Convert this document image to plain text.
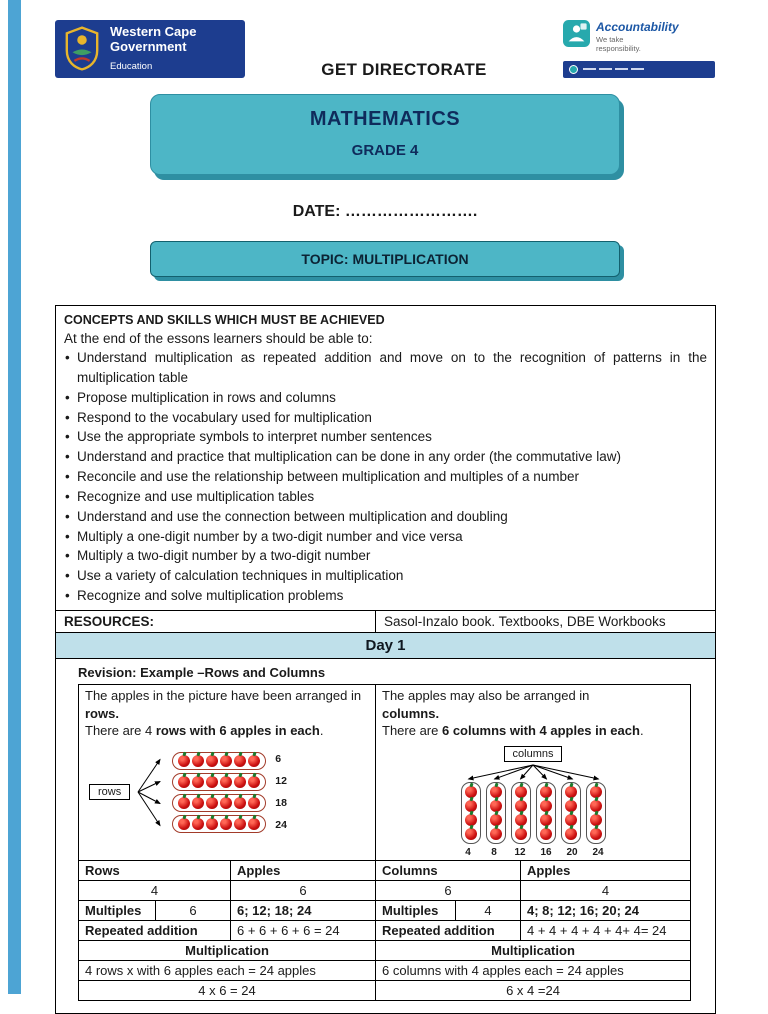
Western Cape
Government
Education	GET DIRECTORATE
Accountability
We take
responsibility.
MATHEMATICS
GRADE 4
DATE: …………………….
TOPIC: MULTIPLICATION
CONCEPTS AND SKILLS WHICH MUST BE ACHIEVED
At the end of the essons learners should be able to:
• Understand multiplication as repeated addition and move on to the recognition of patterns in the multiplication table
• Propose multiplication in rows and columns
• Respond to the vocabulary used for multiplication
• Use the appropriate symbols to interpret number sentences
• Understand and practice that multiplication can be done in any order (the commutative law)
• Reconcile and use the relationship between multiplication and multiples of a number
• Recognize and use multiplication tables
• Understand and use the connection between multiplication and doubling
• Multiply a one-digit number by a two-digit number and vice versa
• Multiply a two-digit number by a two-digit number
• Use a variety of calculation techniques in multiplication
• Recognize and solve multiplication problems

RESOURCES:	Sasol-Inzalo book. Textbooks, DBE Workbooks
Day 1

Revision: Example –Rows and Columns
The apples in the picture have been arranged in rows.
There are 4 rows with 6 apples in each.
rows
6
12
18
24

The apples may also be arranged in
columns.
There are 6 columns with 4 apples in each.
columns
4	8	12	16	20	24

Rows	Apples	Columns	Apples
4	6	6	4
Multiples	6	6; 12; 18; 24	Multiples	4	4; 8; 12; 16; 20; 24
Repeated addition	6 + 6 + 6 + 6 = 24	Repeated addition	4 + 4 + 4 + 4 + 4+ 4= 24
Multiplication	Multiplication
4 rows x with 6 apples each = 24 apples	6 columns with 4 apples each = 24 apples
4 x 6 = 24	6 x 4 =24
